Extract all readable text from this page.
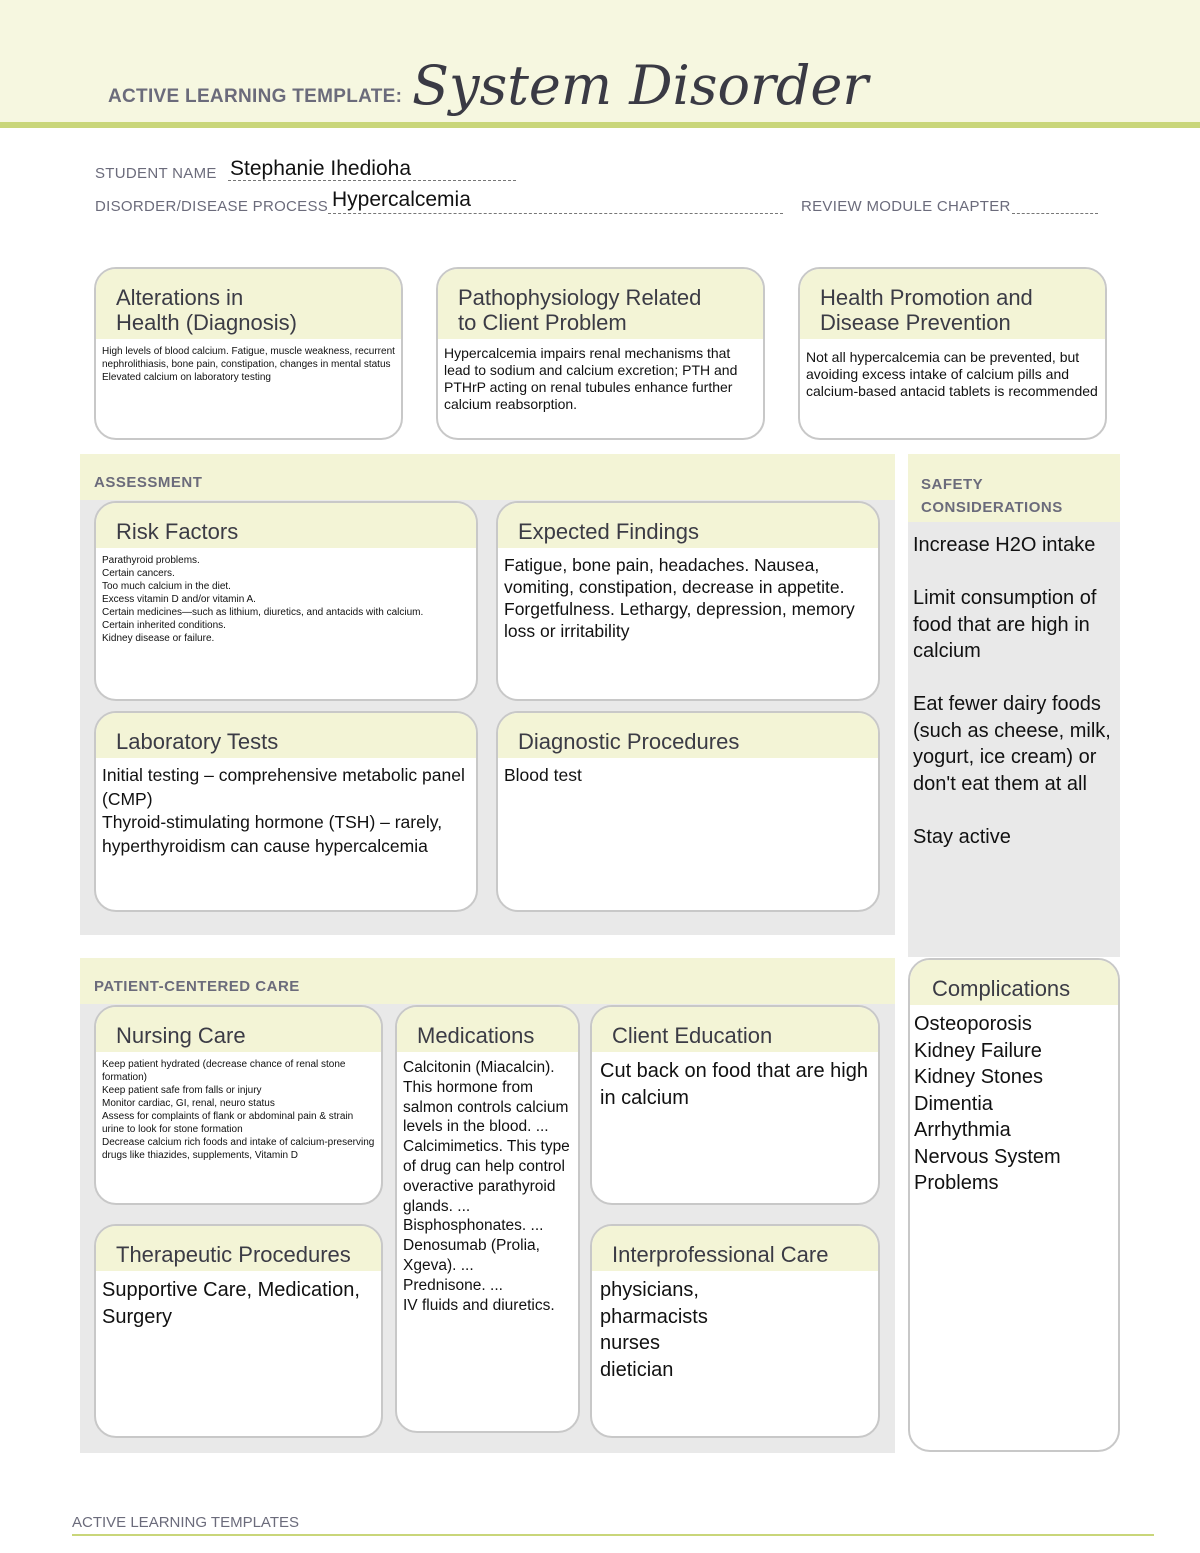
ACTIVE LEARNING TEMPLATE: System Disorder
STUDENT NAME Stephanie Ihedioha
DISORDER/DISEASE PROCESS Hypercalcemia	REVIEW MODULE CHAPTER
Alterations in
Health (Diagnosis)
High levels of blood calcium. Fatigue, muscle weakness, recurrent nephrolithiasis, bone pain, constipation, changes in mental status
Elevated calcium on laboratory testing
Pathophysiology Related
to Client Problem
Hypercalcemia impairs renal mechanisms that lead to sodium and calcium excretion; PTH and PTHrP acting on renal tubules enhance further calcium reabsorption.
Health Promotion and
Disease Prevention
Not all hypercalcemia can be prevented, but avoiding excess intake of calcium pills and calcium-based antacid tablets is recommended
ASSESSMENT
Risk Factors
Parathyroid problems.
Certain cancers.
Too much calcium in the diet.
Excess vitamin D and/or vitamin A.
Certain medicines—such as lithium, diuretics, and antacids with calcium.
Certain inherited conditions.
Kidney disease or failure.
Expected Findings
Fatigue, bone pain, headaches. Nausea, vomiting, constipation, decrease in appetite. Forgetfulness. Lethargy, depression, memory loss or irritability
Laboratory Tests
Initial testing – comprehensive metabolic panel (CMP)
Thyroid-stimulating hormone (TSH) – rarely, hyperthyroidism can cause hypercalcemia
Diagnostic Procedures
Blood test
SAFETY
CONSIDERATIONS
Increase H2O intake

Limit consumption of food that are high in calcium

Eat fewer dairy foods (such as cheese, milk, yogurt, ice cream) or don't eat them at all

Stay active
PATIENT-CENTERED CARE
Nursing Care
Keep patient hydrated (decrease chance of renal stone formation)
Keep patient safe from falls or injury
Monitor cardiac, GI, renal, neuro status
Assess for complaints of flank or abdominal pain & strain urine to look for stone formation
Decrease calcium rich foods and intake of calcium-preserving drugs like thiazides, supplements, Vitamin D
Medications
Calcitonin (Miacalcin). This hormone from salmon controls calcium levels in the blood. ...
Calcimimetics. This type of drug can help control overactive parathyroid glands. ...
Bisphosphonates. ...
Denosumab (Prolia, Xgeva). ...
Prednisone. ...
IV fluids and diuretics.
Client Education
Cut back on food that are high in calcium
Therapeutic Procedures
Supportive Care, Medication, Surgery
Interprofessional Care
physicians,
pharmacists
nurses
dietician
Complications
Osteoporosis
Kidney Failure
Kidney Stones
Dimentia
Arrhythmia
Nervous System Problems
ACTIVE LEARNING TEMPLATES
